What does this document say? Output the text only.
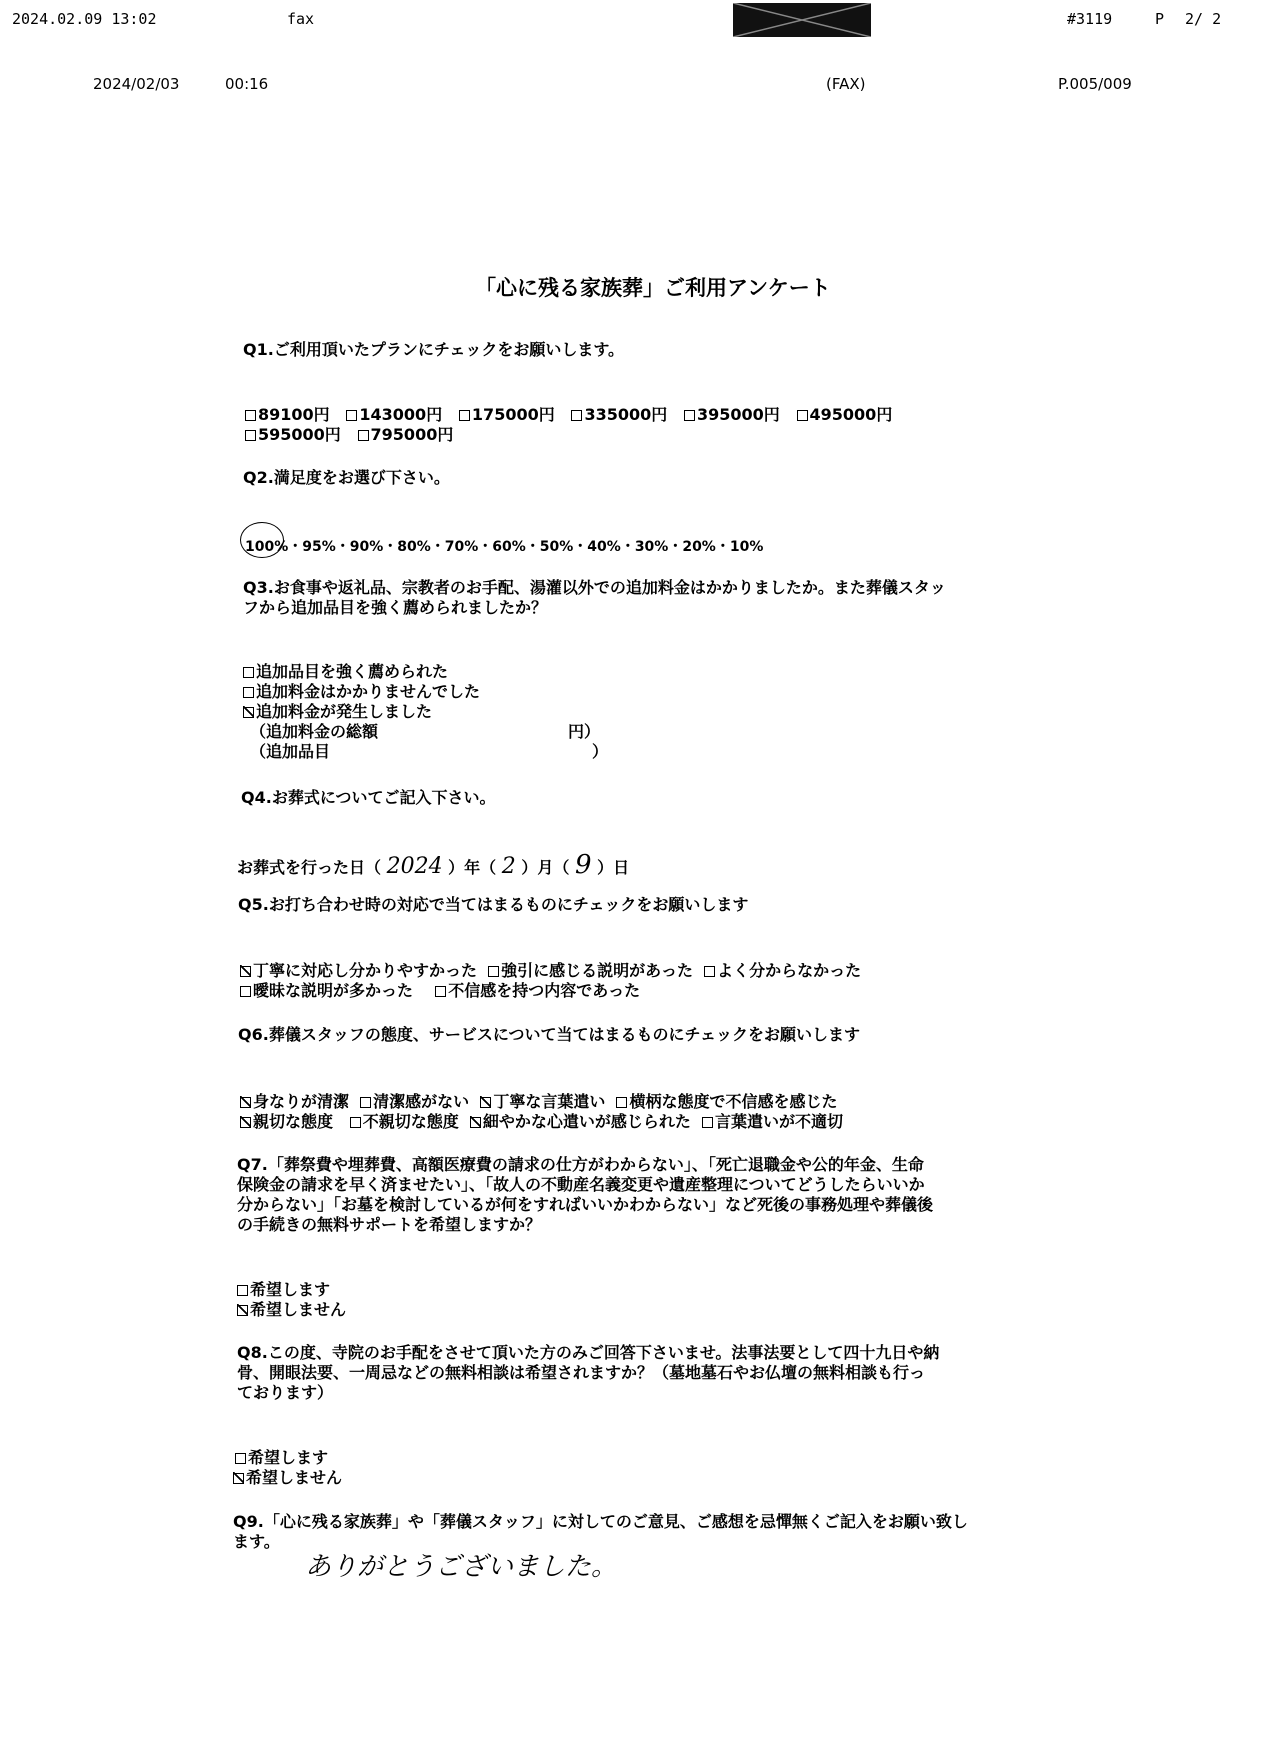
2024.02.09 13:02	fax	#3119	P 2/ 2
2024/02/03	00:16	(FAX)	P.005/009
「心に残る家族葬」ご利用アンケート
Q1.ご利用頂いたプランにチェックをお願いします。
89100円 143000円 175000円 335000円 395000円 495000円
595000円 795000円
Q2.満足度をお選び下さい。
100%・95%・90%・80%・70%・60%・50%・40%・30%・20%・10%
Q3.お食事や返礼品、宗教者のお手配、湯灌以外での追加料金はかかりましたか。また葬儀スタッ
フから追加品目を強く薦められましたか？
追加品目を強く薦められた
追加料金はかかりませんでした
追加料金が発生しました
（追加料金の総額	円）
（追加品目	）
Q4.お葬式についてご記入下さい。
お葬式を行った日（ 2024 ）年（ 2 ）月（ 9 ）日
Q5.お打ち合わせ時の対応で当てはまるものにチェックをお願いします
丁寧に対応し分かりやすかった 強引に感じる説明があった よく分からなかった
曖昧な説明が多かった 不信感を持つ内容であった
Q6.葬儀スタッフの態度、サービスについて当てはまるものにチェックをお願いします
身なりが清潔 清潔感がない 丁寧な言葉遣い 横柄な態度で不信感を感じた
親切な態度 不親切な態度 細やかな心遣いが感じられた 言葉遣いが不適切
Q7.「葬祭費や埋葬費、高額医療費の請求の仕方がわからない」、「死亡退職金や公的年金、生命
保険金の請求を早く済ませたい」、「故人の不動産名義変更や遺産整理についてどうしたらいいか
分からない」「お墓を検討しているが何をすればいいかわからない」など死後の事務処理や葬儀後
の手続きの無料サポートを希望しますか？
希望します
希望しません
Q8.この度、寺院のお手配をさせて頂いた方のみご回答下さいませ。法事法要として四十九日や納
骨、開眼法要、一周忌などの無料相談は希望されますか？（墓地墓石やお仏壇の無料相談も行っ
ております）
希望します
希望しません
Q9.「心に残る家族葬」や「葬儀スタッフ」に対してのご意見、ご感想を忌憚無くご記入をお願い致し
ます。
ありがとうございました。
